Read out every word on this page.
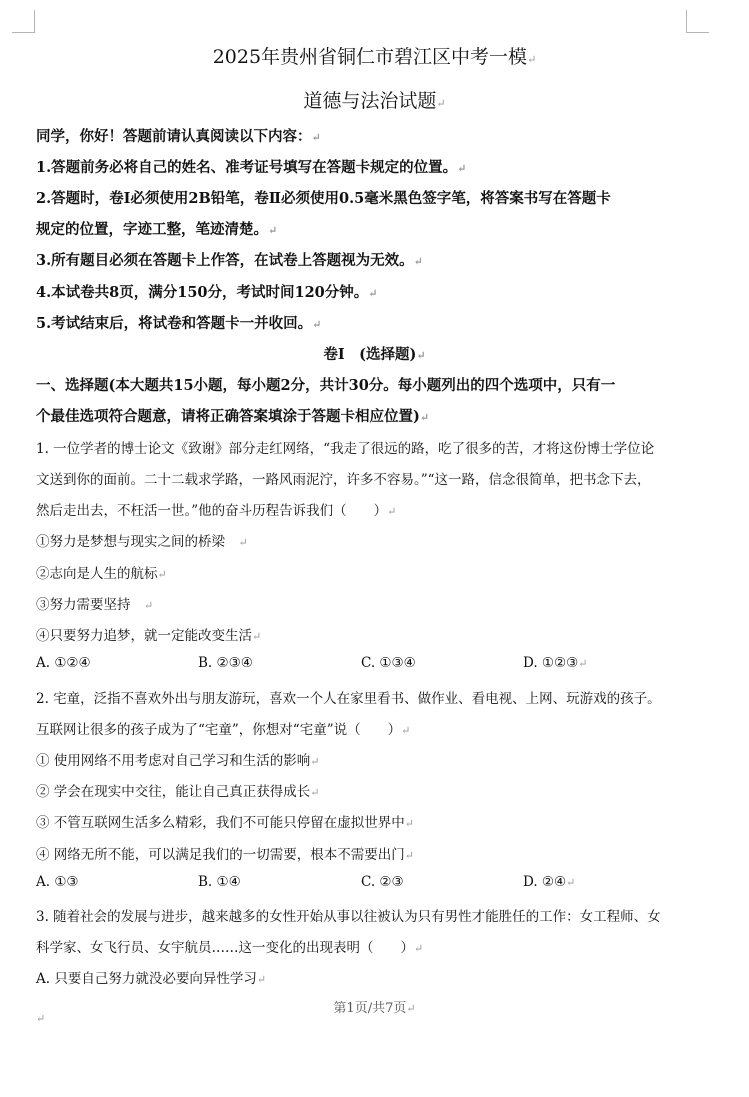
2025年贵州省铜仁市碧江区中考一模↵
道德与法治试题↵
同学，你好！答题前请认真阅读以下内容：↵
1.答题前务必将自己的姓名、准考证号填写在答题卡规定的位置。↵
2.答题时，卷Ⅰ必须使用2B铅笔，卷Ⅱ必须使用0.5毫米黑色签字笔，将答案书写在答题卡
规定的位置，字迹工整，笔迹清楚。↵
3.所有题目必须在答题卡上作答，在试卷上答题视为无效。↵
4.本试卷共8页，满分150分，考试时间120分钟。↵
5.考试结束后，将试卷和答题卡一并收回。↵
卷Ⅰ　(选择题)↵
一、选择题(本大题共15小题，每小题2分，共计30分。每小题列出的四个选项中，只有一
个最佳选项符合题意，请将正确答案填涂于答题卡相应位置)↵
1. 一位学者的博士论文《致谢》部分走红网络，“我走了很远的路，吃了很多的苦，才将这份博士学位论
文送到你的面前。二十二载求学路，一路风雨泥泞，许多不容易。”“这一路，信念很简单，把书念下去，
然后走出去，不枉活一世。”他的奋斗历程告诉我们（　　）↵
①努力是梦想与现实之间的桥梁　 ↵
②志向是人生的航标↵
③努力需要坚持　 ↵
④只要努力追梦，就一定能改变生活↵
A. ①②④	B. ②③④	C. ①③④	D. ①②③↵
2. 宅童，泛指不喜欢外出与朋友游玩，喜欢一个人在家里看书、做作业、看电视、上网、玩游戏的孩子。
互联网让很多的孩子成为了“宅童”，你想对“宅童”说（　　）↵
① 使用网络不用考虑对自己学习和生活的影响↵
② 学会在现实中交往，能让自己真正获得成长↵
③ 不管互联网生活多么精彩，我们不可能只停留在虚拟世界中↵
④ 网络无所不能，可以满足我们的一切需要，根本不需要出门↵
A. ①③	B. ①④	C. ②③	D. ②④↵
3. 随着社会的发展与进步，越来越多的女性开始从事以往被认为只有男性才能胜任的工作：女工程师、女
科学家、女飞行员、女宇航员……这一变化的出现表明（　　）↵
A. 只要自己努力就没必要向异性学习↵
第1页/共7页↵
↵
